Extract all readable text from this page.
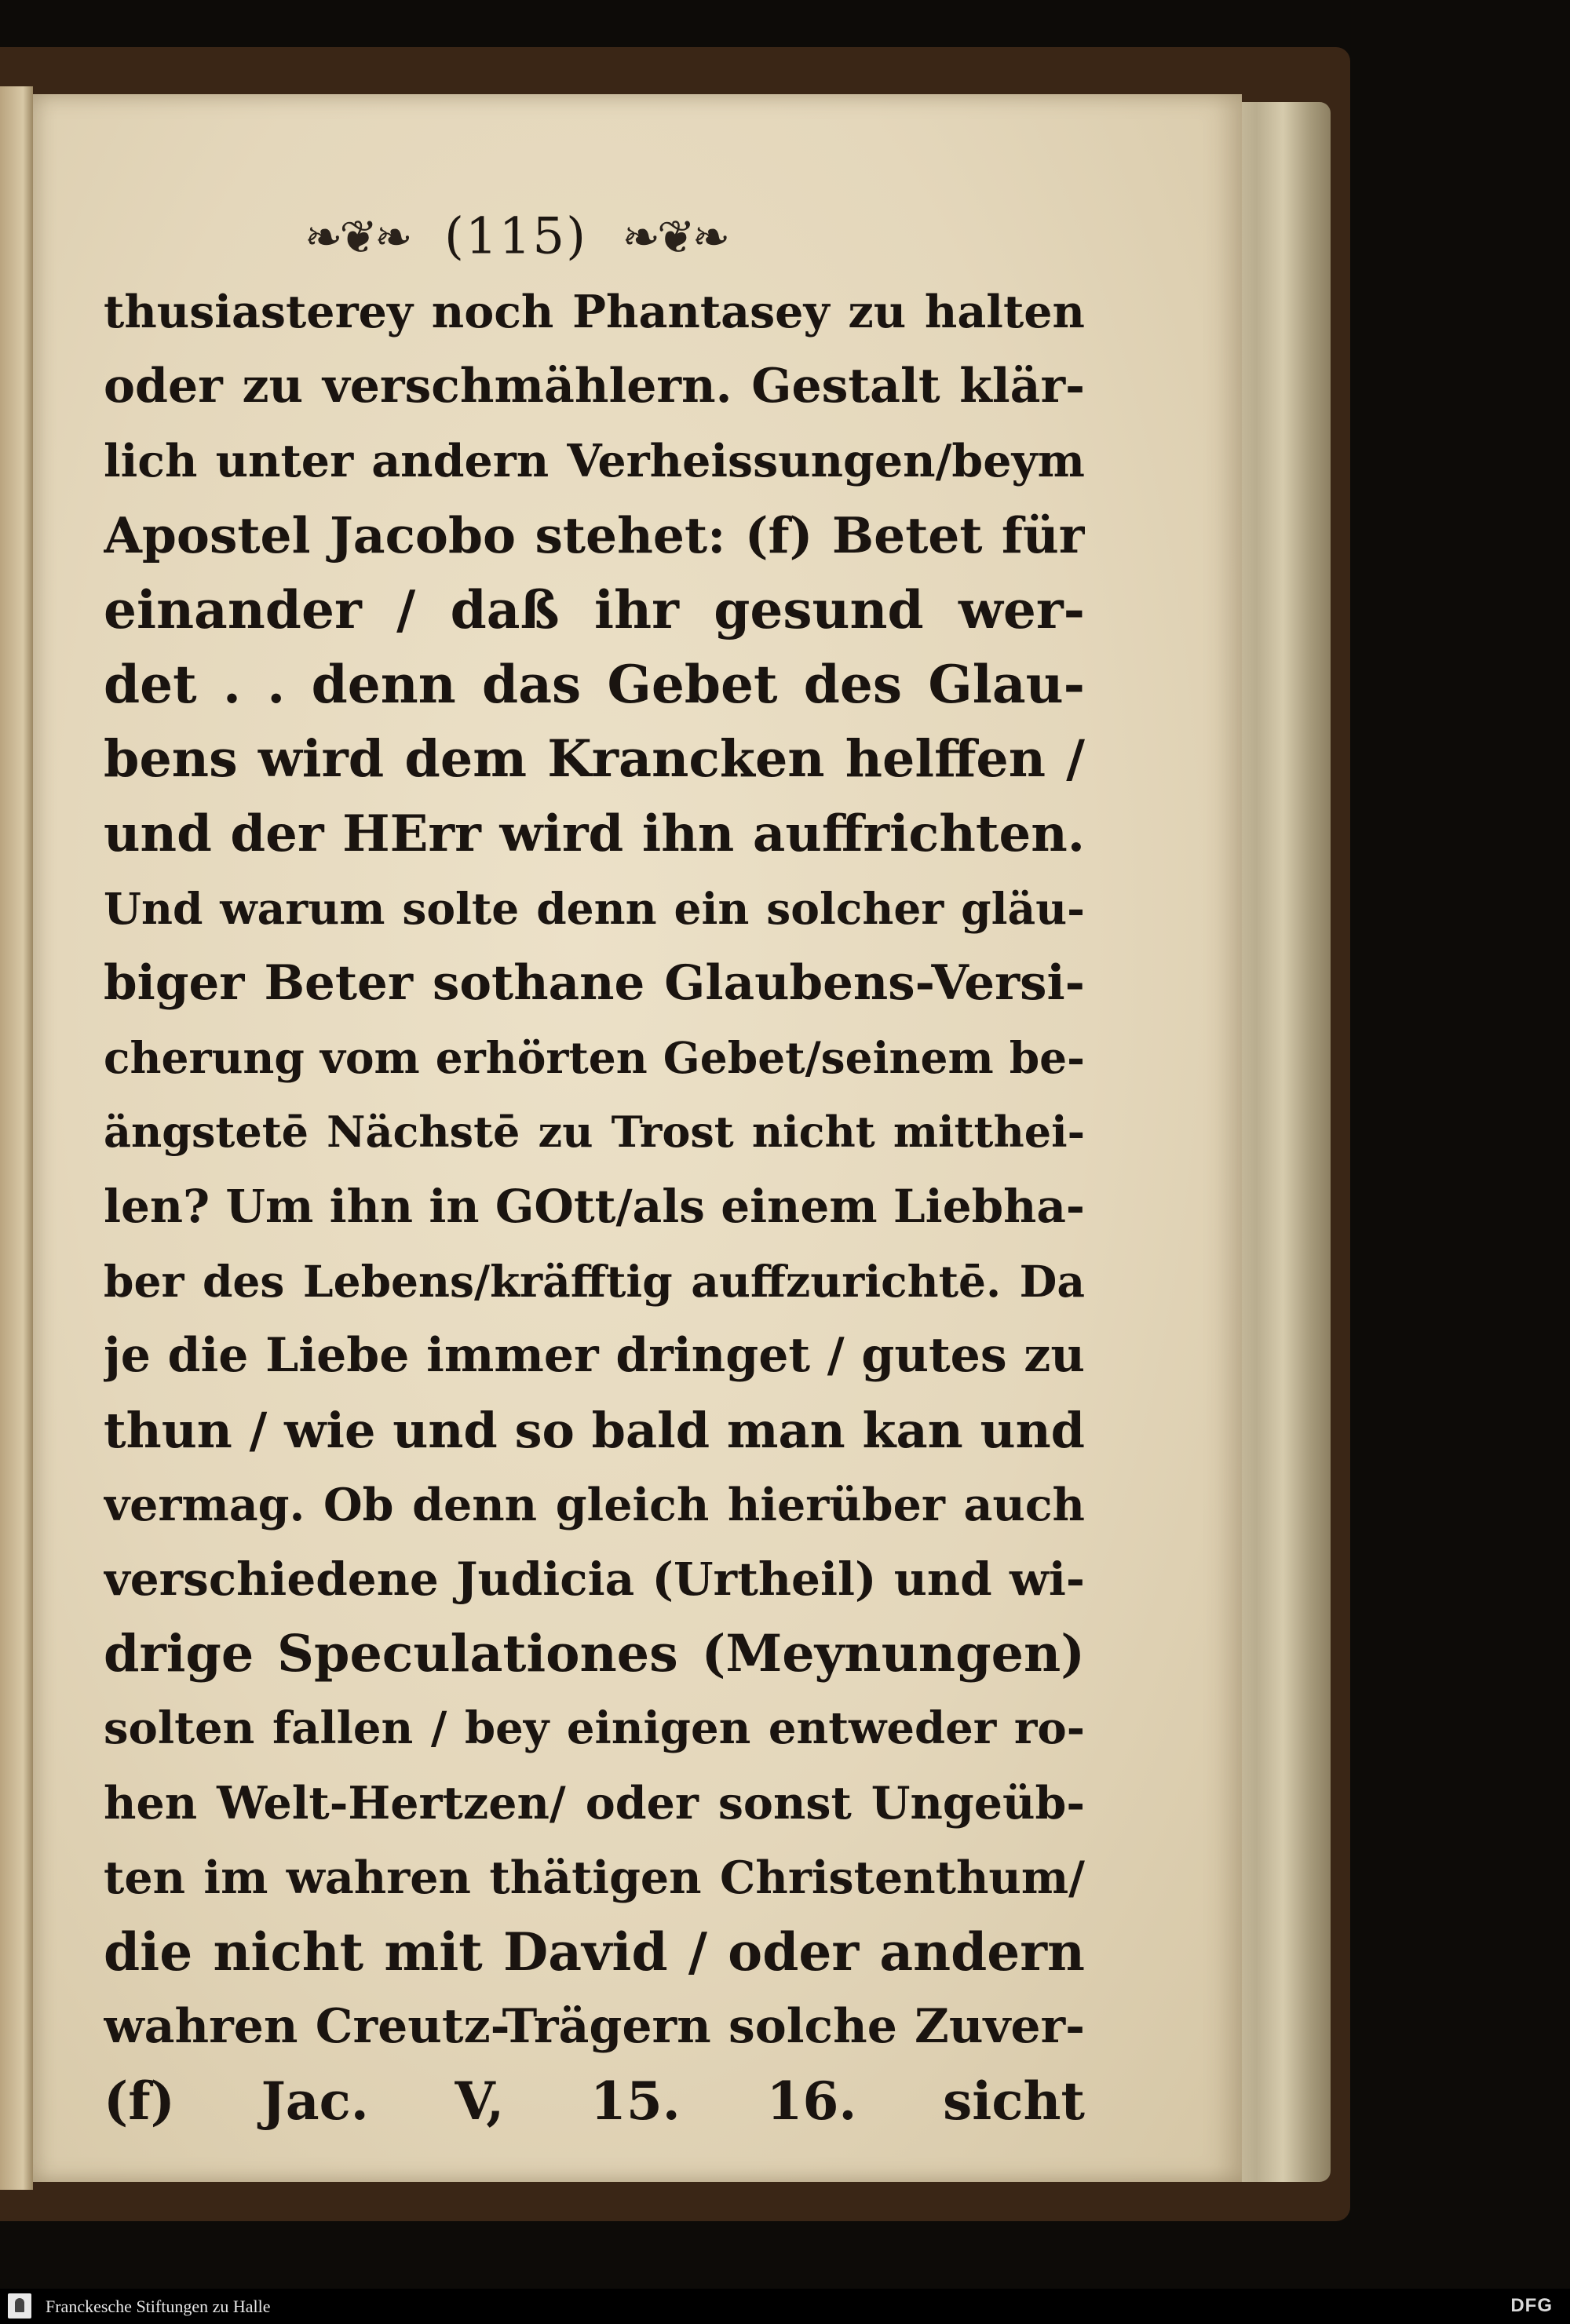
❧❦❧ (115) ❧❦❧
thusiasterey noch Phantasey zu halten
oder zu verschmählern. Gestalt klär-
lich unter andern Verheissungen/beym
Apostel Jacobo stehet: (f) Betet für
einander / daß ihr gesund wer-
det . . denn das Gebet des Glau-
bens wird dem Krancken helffen /
und der HErr wird ihn auffrichten.
Und warum solte denn ein solcher gläu-
biger Beter sothane Glaubens-Versi-
cherung vom erhörten Gebet/seinem be-
ängstetē Nächstē zu Trost nicht mitthei-
len? Um ihn in GOtt/als einem Liebha-
ber des Lebens/kräfftig auffzurichtē. Da
je die Liebe immer dringet / gutes zu
thun / wie und so bald man kan und
vermag. Ob denn gleich hierüber auch
verschiedene Judicia (Urtheil) und wi-
drige Speculationes (Meynungen)
solten fallen / bey einigen entweder ro-
hen Welt-Hertzen/ oder sonst Ungeüb-
ten im wahren thätigen Christenthum/
die nicht mit David / oder andern
wahren Creutz-Trägern solche Zuver-
(f) Jac. V, 15. 16. sicht
Franckesche Stiftungen zu Halle	DFG
